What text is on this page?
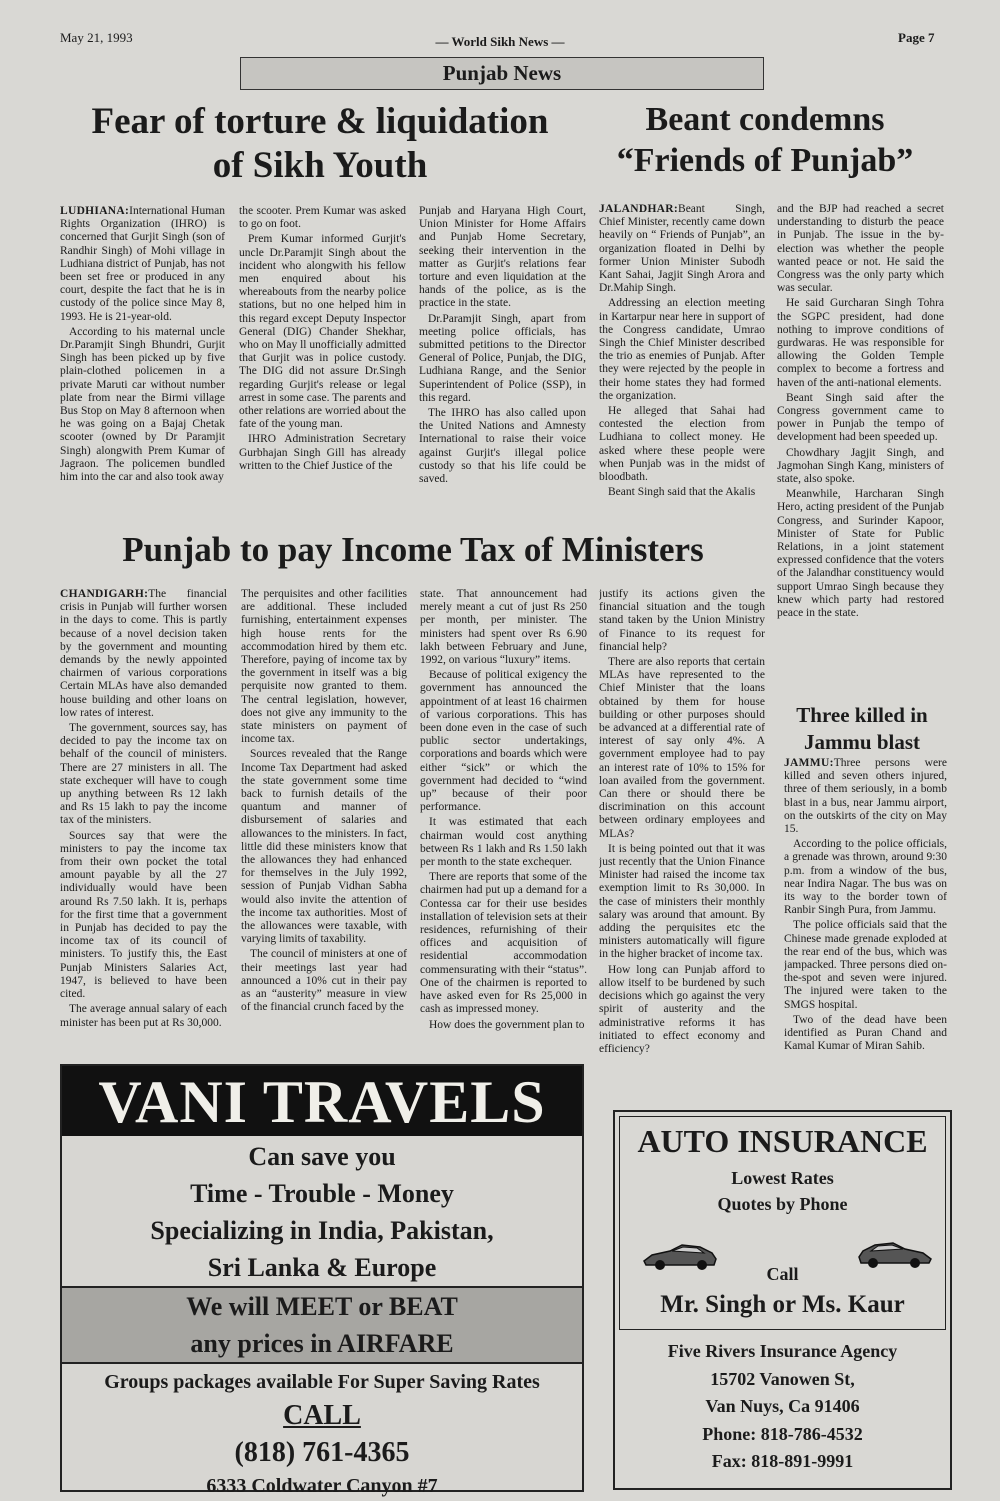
May 21, 1993	— World Sikh News —	Page 7
Punjab News
Fear of torture & liquidation
of Sikh Youth

LUDHIANA:International Human Rights Organization (IHRO) is concerned that Gurjit Singh (son of Randhir Singh) of Mohi village in Ludhiana district of Punjab, has not been set free or produced in any court, despite the fact that he is in custody of the police since May 8, 1993. He is 21-year-old.

According to his maternal uncle Dr.Paramjit Singh Bhundri, Gurjit Singh has been picked up by five plain-clothed policemen in a private Maruti car without number plate from near the Birmi village Bus Stop on May 8 afternoon when he was going on a Bajaj Chetak scooter (owned by Dr Paramjit Singh) alongwith Prem Kumar of Jagraon. The policemen bundled him into the car and also took away

the scooter. Prem Kumar was asked to go on foot.

Prem Kumar informed Gurjit's uncle Dr.Paramjit Singh about the incident who alongwith his fellow men enquired about his whereabouts from the nearby police stations, but no one helped him in this regard except Deputy Inspector General (DIG) Chander Shekhar, who on May ll unofficially admitted that Gurjit was in police custody. The DIG did not assure Dr.Singh regarding Gurjit's release or legal arrest in some case. The parents and other relations are worried about the fate of the young man.

IHRO Administration Secretary Gurbhajan Singh Gill has already written to the Chief Justice of the

Punjab and Haryana High Court, Union Minister for Home Affairs and Punjab Home Secretary, seeking their intervention in the matter as Gurjit's relations fear torture and even liquidation at the hands of the police, as is the practice in the state.

Dr.Paramjit Singh, apart from meeting police officials, has submitted petitions to the Director General of Police, Punjab, the DIG, Ludhiana Range, and the Senior Superintendent of Police (SSP), in this regard.

The IHRO has also called upon the United Nations and Amnesty International to raise their voice against Gurjit's illegal police custody so that his life could be saved.

Beant condemns
“Friends of Punjab”

JALANDHAR:Beant Singh, Chief Minister, recently came down heavily on “ Friends of Punjab”, an organization floated in Delhi by former Union Minister Subodh Kant Sahai, Jagjit Singh Arora and Dr.Mahip Singh.

Addressing an election meeting in Kartarpur near here in support of the Congress candidate, Umrao Singh the Chief Minister described the trio as enemies of Punjab. After they were rejected by the people in their home states they had formed the organization.

He alleged that Sahai had contested the election from Ludhiana to collect money. He asked where these people were when Punjab was in the midst of bloodbath.

Beant Singh said that the Akalis

and the BJP had reached a secret understanding to disturb the peace in Punjab. The issue in the by-election was whether the people wanted peace or not. He said the Congress was the only party which was secular.

He said Gurcharan Singh Tohra the SGPC president, had done nothing to improve conditions of gurdwaras. He was responsible for allowing the Golden Temple complex to become a fortress and haven of the anti-national elements.

Beant Singh said after the Congress government came to power in Punjab the tempo of development had been speeded up.

Chowdhary Jagjit Singh, and Jagmohan Singh Kang, ministers of state, also spoke.

Meanwhile, Harcharan Singh Hero, acting president of the Punjab Congress, and Surinder Kapoor, Minister of State for Public Relations, in a joint statement expressed confidence that the voters of the Jalandhar constituency would support Umrao Singh because they knew which party had restored peace in the state.

Punjab to pay Income Tax of Ministers

CHANDIGARH:The financial crisis in Punjab will further worsen in the days to come. This is partly because of a novel decision taken by the government and mounting demands by the newly appointed chairmen of various corporations Certain MLAs have also demanded house building and other loans on low rates of interest.

The government, sources say, has decided to pay the income tax on behalf of the council of ministers. There are 27 ministers in all. The state exchequer will have to cough up anything between Rs 12 lakh and Rs 15 lakh to pay the income tax of the ministers.

Sources say that were the ministers to pay the income tax from their own pocket the total amount payable by all the 27 individually would have been around Rs 7.50 lakh. It is, perhaps for the first time that a government in Punjab has decided to pay the income tax of its council of ministers. To justify this, the East Punjab Ministers Salaries Act, 1947, is believed to have been cited.

The average annual salary of each minister has been put at Rs 30,000.

The perquisites and other facilities are additional. These included furnishing, entertainment expenses high house rents for the accommodation hired by them etc. Therefore, paying of income tax by the government in itself was a big perquisite now granted to them. The central legislation, however, does not give any immunity to the state ministers on payment of income tax.

Sources revealed that the Range Income Tax Department had asked the state government some time back to furnish details of the quantum and manner of disbursement of salaries and allowances to the ministers. In fact, little did these ministers know that the allowances they had enhanced for themselves in the July 1992, session of Punjab Vidhan Sabha would also invite the attention of the income tax authorities. Most of the allowances were taxable, with varying limits of taxability.

The council of ministers at one of their meetings last year had announced a 10% cut in their pay as an “austerity” measure in view of the financial crunch faced by the

state. That announcement had merely meant a cut of just Rs 250 per month, per minister. The ministers had spent over Rs 6.90 lakh between February and June, 1992, on various “luxury” items.

Because of political exigency the government has announced the appointment of at least 16 chairmen of various corporations. This has been done even in the case of such public sector undertakings, corporations and boards which were either “sick” or which the government had decided to “wind up” because of their poor performance.

It was estimated that each chairman would cost anything between Rs 1 lakh and Rs 1.50 lakh per month to the state exchequer.

There are reports that some of the chairmen had put up a demand for a Contessa car for their use besides installation of television sets at their residences, refurnishing of their offices and acquisition of residential accommodation commensurating with their “status”. One of the chairmen is reported to have asked even for Rs 25,000 in cash as impressed money.

How does the government plan to

justify its actions given the financial situation and the tough stand taken by the Union Ministry of Finance to its request for financial help?

There are also reports that certain MLAs have represented to the Chief Minister that the loans obtained by them for house building or other purposes should be advanced at a differential rate of interest of say only 4%. A government employee had to pay an interest rate of 10% to 15% for loan availed from the government. Can there or should there be discrimination on this account between ordinary employees and MLAs?

It is being pointed out that it was just recently that the Union Finance Minister had raised the income tax exemption limit to Rs 30,000. In the case of ministers their monthly salary was around that amount. By adding the perquisites etc the ministers automatically will figure in the higher bracket of income tax.

How long can Punjab afford to allow itself to be burdened by such decisions which go against the very spirit of austerity and the administrative reforms it has initiated to effect economy and efficiency?

Three killed in
Jammu blast

JAMMU:Three persons were killed and seven others injured, three of them seriously, in a bomb blast in a bus, near Jammu airport, on the outskirts of the city on May 15.

According to the police officials, a grenade was thrown, around 9:30 p.m. from a window of the bus, near Indira Nagar. The bus was on its way to the border town of Ranbir Singh Pura, from Jammu.

The police officials said that the Chinese made grenade exploded at the rear end of the bus, which was jampacked. Three persons died on-the-spot and seven were injured. The injured were taken to the SMGS hospital.

Two of the dead have been identified as Puran Chand and Kamal Kumar of Miran Sahib.

VANI TRAVELS
Can save you
Time - Trouble - Money
Specializing in India, Pakistan,
Sri Lanka & Europe
We will MEET or BEAT
any prices in AIRFARE
Groups packages available For Super Saving Rates
CALL
(818) 761-4365
6333 Coldwater Canyon #7
AUTO INSURANCE
Lowest Rates
Quotes by Phone
Call
Mr. Singh or Ms. Kaur
Five Rivers Insurance Agency
15702 Vanowen St,
Van Nuys, Ca 91406
Phone: 818-786-4532
Fax: 818-891-9991
